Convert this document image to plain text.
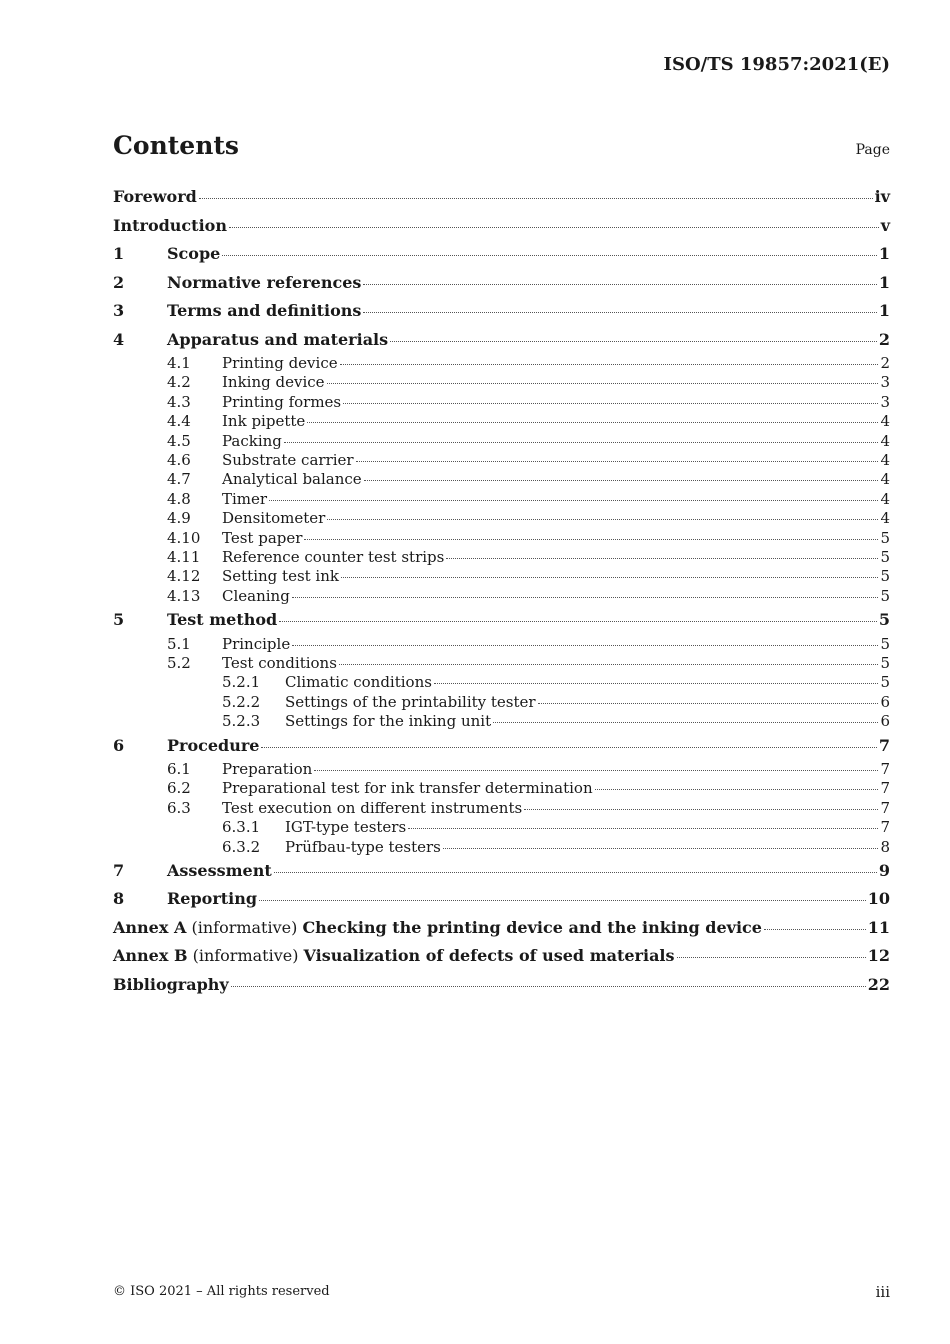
ISO/TS 19857:2021(E)
Contents	Page
Foreword	iv
Introduction	v
1	Scope	1
2	Normative references	1
3	Terms and definitions	1
4	Apparatus and materials	2
4.1	Printing device	2
4.2	Inking device	3
4.3	Printing formes	3
4.4	Ink pipette	4
4.5	Packing	4
4.6	Substrate carrier	4
4.7	Analytical balance	4
4.8	Timer	4
4.9	Densitometer	4
4.10	Test paper	5
4.11	Reference counter test strips	5
4.12	Setting test ink	5
4.13	Cleaning	5
5	Test method	5
5.1	Principle	5
5.2	Test conditions	5
5.2.1	Climatic conditions	5
5.2.2	Settings of the printability tester	6
5.2.3	Settings for the inking unit	6
6	Procedure	7
6.1	Preparation	7
6.2	Preparational test for ink transfer determination	7
6.3	Test execution on different instruments	7
6.3.1	IGT-type testers	7
6.3.2	Prüfbau-type testers	8
7	Assessment	9
8	Reporting	10
Annex A (informative) Checking the printing device and the inking device	11
Annex B (informative) Visualization of defects of used materials	12
Bibliography	22
© ISO 2021 – All rights reserved	iii
